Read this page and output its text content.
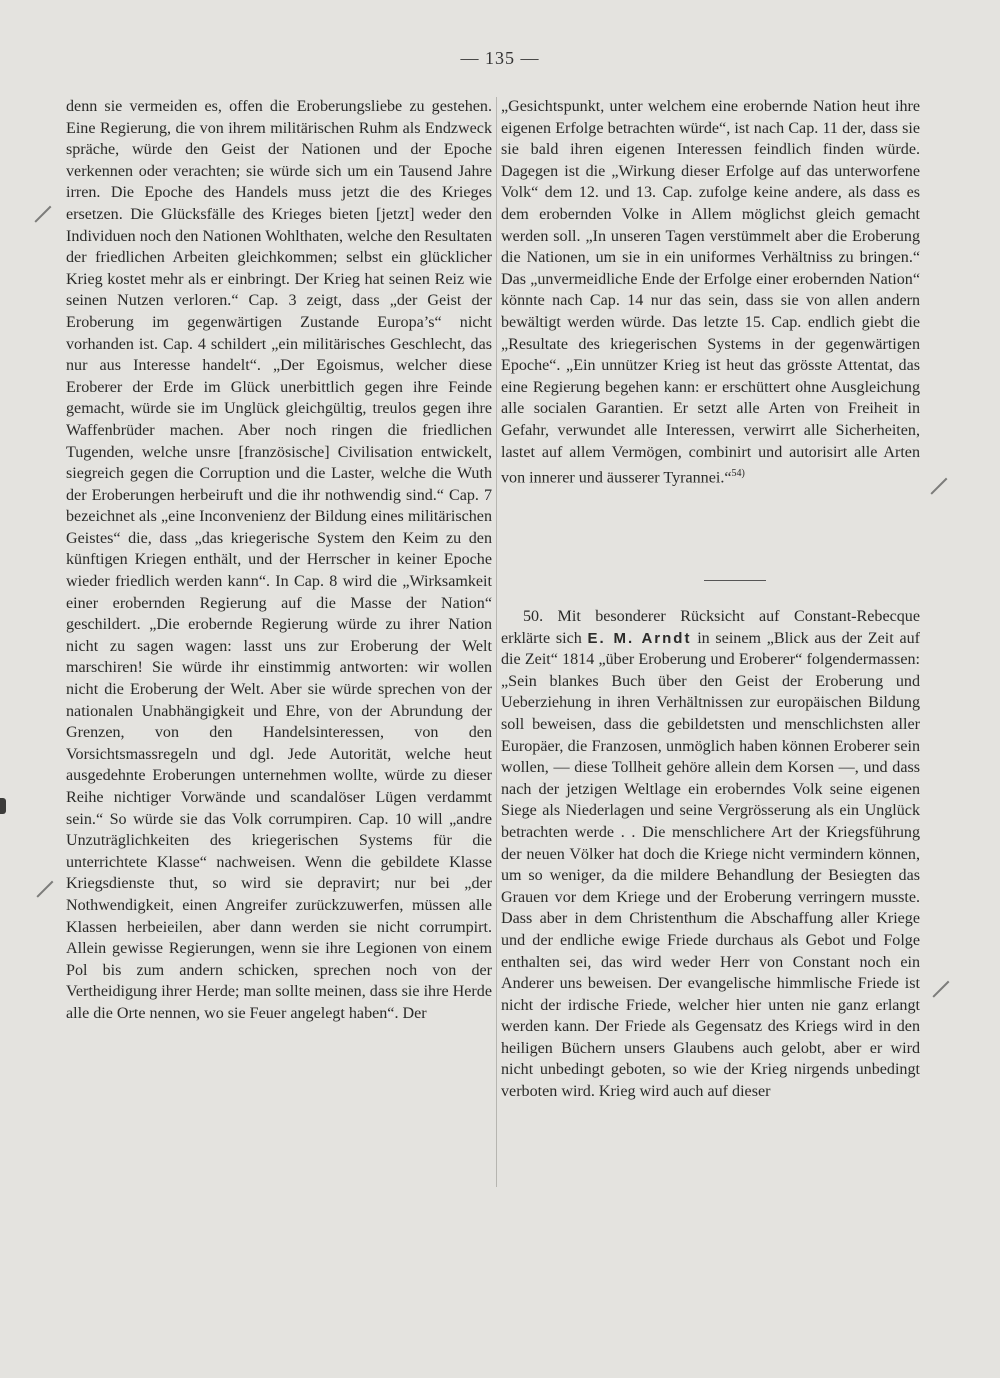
— 135 —

denn sie vermeiden es, offen die Eroberungsliebe zu gestehen. Eine Regierung, die von ihrem militärischen Ruhm als Endzweck spräche, würde den Geist der Nationen und der Epoche verkennen oder verachten; sie würde sich um ein Tausend Jahre irren. Die Epoche des Handels muss jetzt die des Krieges ersetzen. Die Glücksfälle des Krieges bieten [jetzt] weder den Individuen noch den Nationen Wohlthaten, welche den Resultaten der friedlichen Arbeiten gleichkommen; selbst ein glücklicher Krieg kostet mehr als er einbringt. Der Krieg hat seinen Reiz wie seinen Nutzen verloren.“ Cap. 3 zeigt, dass „der Geist der Eroberung im gegenwärtigen Zustande Europa’s“ nicht vorhanden ist. Cap. 4 schildert „ein militärisches Geschlecht, das nur aus Interesse handelt“. „Der Egoismus, welcher diese Eroberer der Erde im Glück unerbittlich gegen ihre Feinde gemacht, würde sie im Unglück gleichgültig, treulos gegen ihre Waffenbrüder machen. Aber noch ringen die friedlichen Tugenden, welche unsre [französische] Civilisation entwickelt, siegreich gegen die Corruption und die Laster, welche die Wuth der Eroberungen herbeiruft und die ihr nothwendig sind.“ Cap. 7 bezeichnet als „eine Inconvenienz der Bildung eines militärischen Geistes“ die, dass „das kriegerische System den Keim zu den künftigen Kriegen enthält, und der Herrscher in keiner Epoche wieder friedlich werden kann“. In Cap. 8 wird die „Wirksamkeit einer erobernden Regierung auf die Masse der Nation“ geschildert. „Die erobernde Regierung würde zu ihrer Nation nicht zu sagen wagen: lasst uns zur Eroberung der Welt marschiren! Sie würde ihr einstimmig antworten: wir wollen nicht die Eroberung der Welt. Aber sie würde sprechen von der nationalen Unabhängigkeit und Ehre, von der Abrundung der Grenzen, von den Handelsinteressen, von den Vorsichtsmassregeln und dgl. Jede Autorität, welche heut ausgedehnte Eroberungen unternehmen wollte, würde zu dieser Reihe nichtiger Vorwände und scandalöser Lügen verdammt sein.“ So würde sie das Volk corrumpiren. Cap. 10 will „andre Unzuträglichkeiten des kriegerischen Systems für die unterrichtete Klasse“ nachweisen. Wenn die gebildete Klasse Kriegsdienste thut, so wird sie depravirt; nur bei „der Nothwendigkeit, einen Angreifer zurückzuwerfen, müssen alle Klassen herbeieilen, aber dann werden sie nicht corrumpirt. Allein gewisse Regierungen, wenn sie ihre Legionen von einem Pol bis zum andern schicken, sprechen noch von der Vertheidigung ihrer Herde; man sollte meinen, dass sie ihre Herde alle die Orte nennen, wo sie Feuer angelegt haben“. Der

„Gesichtspunkt, unter welchem eine erobernde Nation heut ihre eigenen Erfolge betrachten würde“, ist nach Cap. 11 der, dass sie sie bald ihren eigenen Interessen feindlich finden würde. Dagegen ist die „Wirkung dieser Erfolge auf das unterworfene Volk“ dem 12. und 13. Cap. zufolge keine andere, als dass es dem erobernden Volke in Allem möglichst gleich gemacht werden soll. „In unseren Tagen verstümmelt aber die Eroberung die Nationen, um sie in ein uniformes Verhältniss zu bringen.“ Das „unvermeidliche Ende der Erfolge einer erobernden Nation“ könnte nach Cap. 14 nur das sein, dass sie von allen andern bewältigt werden würde. Das letzte 15. Cap. endlich giebt die „Resultate des kriegerischen Systems in der gegenwärtigen Epoche“. „Ein unnützer Krieg ist heut das grösste Attentat, das eine Regierung begehen kann: er erschüttert ohne Ausgleichung alle socialen Garantien. Er setzt alle Arten von Freiheit in Gefahr, verwundet alle Interessen, verwirrt alle Sicherheiten, lastet auf allem Vermögen, combinirt und autorisirt alle Arten von innerer und äusserer Tyrannei.“$^{54)}$

50. Mit besonderer Rücksicht auf Constant-Rebecque erklärte sich E. M. Arndt in seinem „Blick aus der Zeit auf die Zeit“ 1814 „über Eroberung und Eroberer“ folgendermassen: „Sein blankes Buch über den Geist der Eroberung und Ueberziehung in ihren Verhältnissen zur europäischen Bildung soll beweisen, dass die gebildetsten und menschlichsten aller Europäer, die Franzosen, unmöglich haben können Eroberer sein wollen, — diese Tollheit gehöre allein dem Korsen —, und dass nach der jetzigen Weltlage ein eroberndes Volk seine eigenen Siege als Niederlagen und seine Vergrösserung als ein Unglück betrachten werde . . Die menschlichere Art der Kriegsführung der neuen Völker hat doch die Kriege nicht vermindern können, um so weniger, da die mildere Behandlung der Besiegten das Grauen vor dem Kriege und der Eroberung verringern musste. Dass aber in dem Christenthum die Abschaffung aller Kriege und der endliche ewige Friede durchaus als Gebot und Folge enthalten sei, das wird weder Herr von Constant noch ein Anderer uns beweisen. Der evangelische himmlische Friede ist nicht der irdische Friede, welcher hier unten nie ganz erlangt werden kann. Der Friede als Gegensatz des Kriegs wird in den heiligen Büchern unsers Glaubens auch gelobt, aber er wird nicht unbedingt geboten, so wie der Krieg nirgends unbedingt verboten wird. Krieg wird auch auf dieser
